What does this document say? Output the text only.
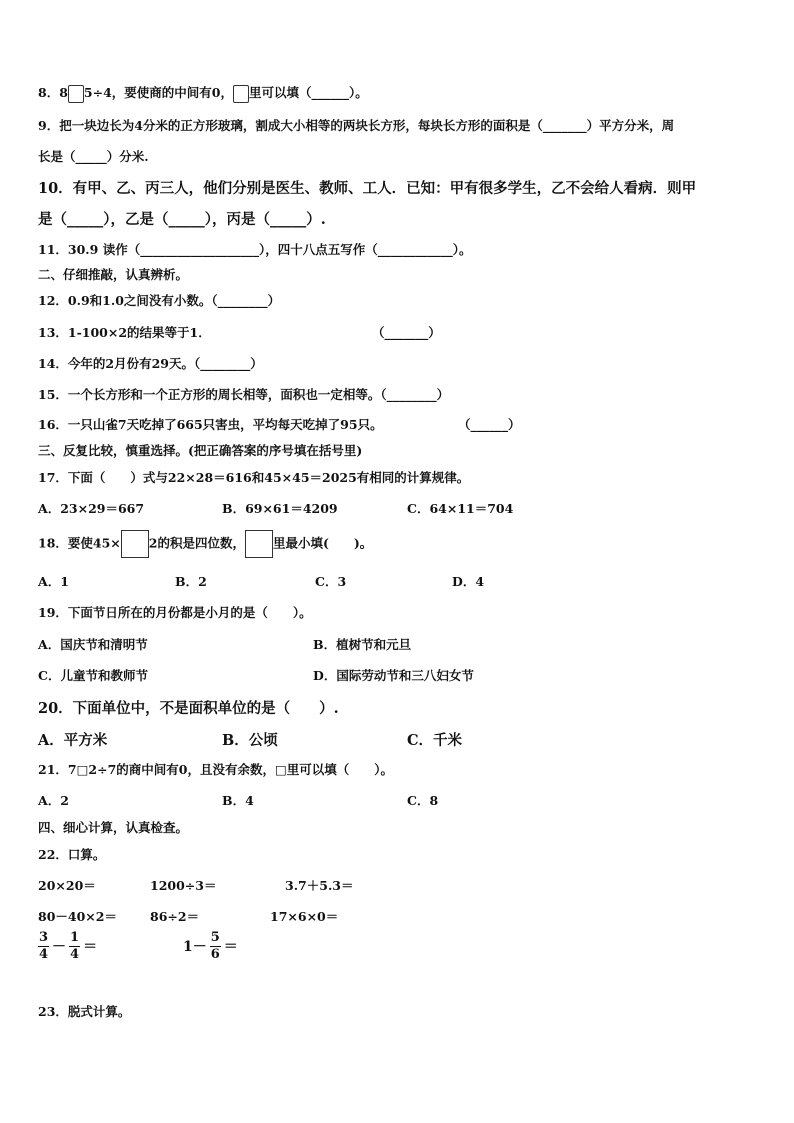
8．8 5÷4，要使商的中间有0， 里可以填（______）。
9．把一块边长为4分米的正方形玻璃，割成大小相等的两块长方形，每块长方形的面积是（_______）平方分米，周
长是（_____）分米.
10．有甲、乙、丙三人，他们分别是医生、教师、工人．已知：甲有很多学生，乙不会给人看病．则甲
是（_____），乙是（_____），丙是（_____）.
11．30.9 读作（___________________），四十八点五写作（____________）。
二、仔细推敲，认真辨析。
12．0.9和1.0之间没有小数。（________）
13．1-100×2的结果等于1．	（_______）
14．今年的2月份有29天。（________）
15．一个长方形和一个正方形的周长相等，面积也一定相等。（________）
16．一只山雀7天吃掉了665只害虫，平均每天吃掉了95只。	（______）
三、反复比较，慎重选择。(把正确答案的序号填在括号里)
17．下面（　　）式与22×28＝616和45×45＝2025有相同的计算规律。
A．23×29＝667	B．69×61＝4209	C．64×11＝704
18．要使45× 2的积是四位数， 里最小填(　　)。
A．1	B．2	C．3	D．4
19．下面节日所在的月份都是小月的是（　　）。
A．国庆节和清明节	B．植树节和元旦
C．儿童节和教师节	D．国际劳动节和三八妇女节
20．下面单位中，不是面积单位的是（　　）.
A．平方米	B．公顷	C．千米
21．7□2÷7的商中间有0，且没有余数，□里可以填（　　）。
A．2	B．4	C．8
四、细心计算，认真检查。
22．口算。
20×20＝	1200÷3＝	3.7＋5.3＝
80－40×2＝	86÷2＝	17×6×0＝
$\frac{3}{4} - \frac{1}{4}$ ＝	$1- \frac{5}{6}$ ＝
23．脱式计算。
